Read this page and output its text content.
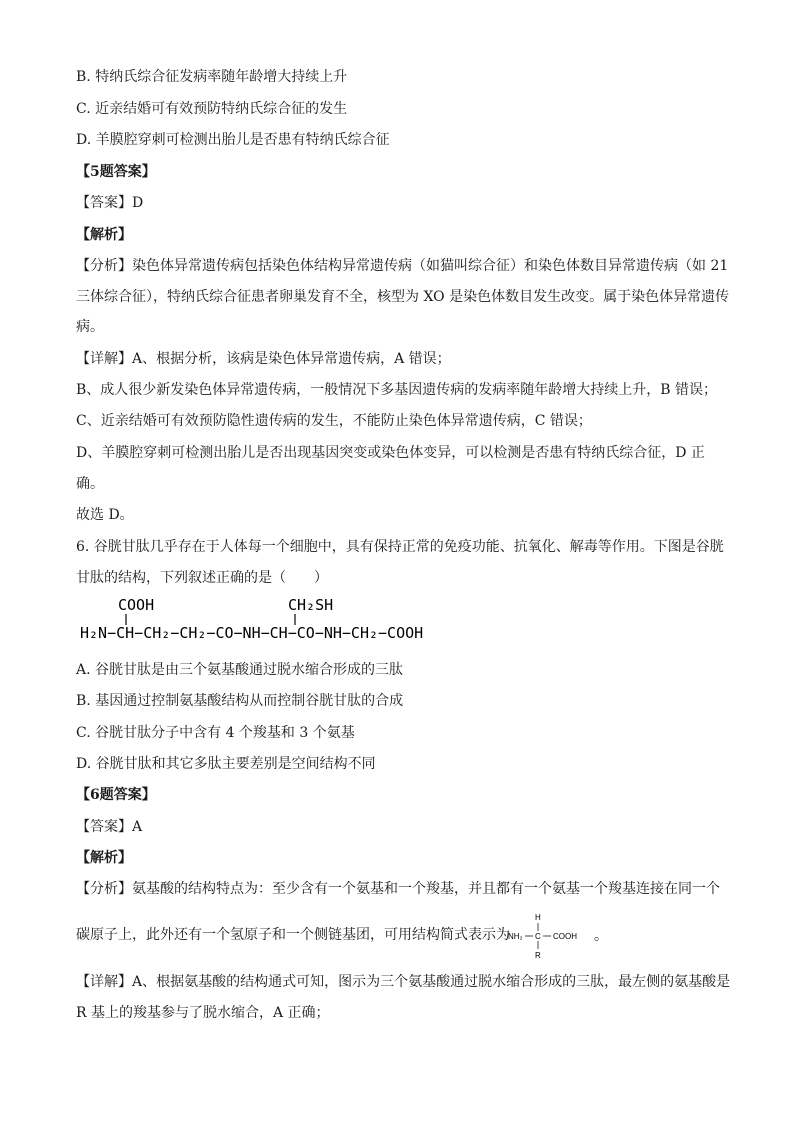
B. 特纳氏综合征发病率随年龄增大持续上升
C. 近亲结婚可有效预防特纳氏综合征的发生
D. 羊膜腔穿刺可检测出胎儿是否患有特纳氏综合征
【5题答案】
【答案】D
【解析】
【分析】染色体异常遗传病包括染色体结构异常遗传病（如猫叫综合征）和染色体数目异常遗传病（如 21
三体综合征），特纳氏综合征患者卵巢发育不全，核型为 XO 是染色体数目发生改变。属于染色体异常遗传
病。
【详解】A、根据分析，该病是染色体异常遗传病，A 错误；
B、成人很少新发染色体异常遗传病，一般情况下多基因遗传病的发病率随年龄增大持续上升，B 错误；
C、近亲结婚可有效预防隐性遗传病的发生，不能防止染色体异常遗传病，C 错误；
D、羊膜腔穿刺可检测出胎儿是否出现基因突变或染色体变异，可以检测是否患有特纳氏综合征，D 正
确。
故选 D。
6. 谷胱甘肽几乎存在于人体每一个细胞中，具有保持正常的免疫功能、抗氧化、解毒等作用。下图是谷胱
甘肽的结构，下列叙述正确的是（　　）
COOH	CH₂SH
H₂N−CH−CH₂−CH₂−CO−NH−CH−CO−NH−CH₂−COOH
A. 谷胱甘肽是由三个氨基酸通过脱水缩合形成的三肽
B. 基因通过控制氨基酸结构从而控制谷胱甘肽的合成
C. 谷胱甘肽分子中含有 4 个羧基和 3 个氨基
D. 谷胱甘肽和其它多肽主要差别是空间结构不同
【6题答案】
【答案】A
【解析】
【分析】氨基酸的结构特点为：至少含有一个氨基和一个羧基，并且都有一个氨基一个羧基连接在同一个
碳原子上，此外还有一个氢原子和一个侧链基团，可用结构简式表示为
H
NH₂ C COOH
R
。
【详解】A、根据氨基酸的结构通式可知，图示为三个氨基酸通过脱水缩合形成的三肽，最左侧的氨基酸是
R 基上的羧基参与了脱水缩合，A 正确；
